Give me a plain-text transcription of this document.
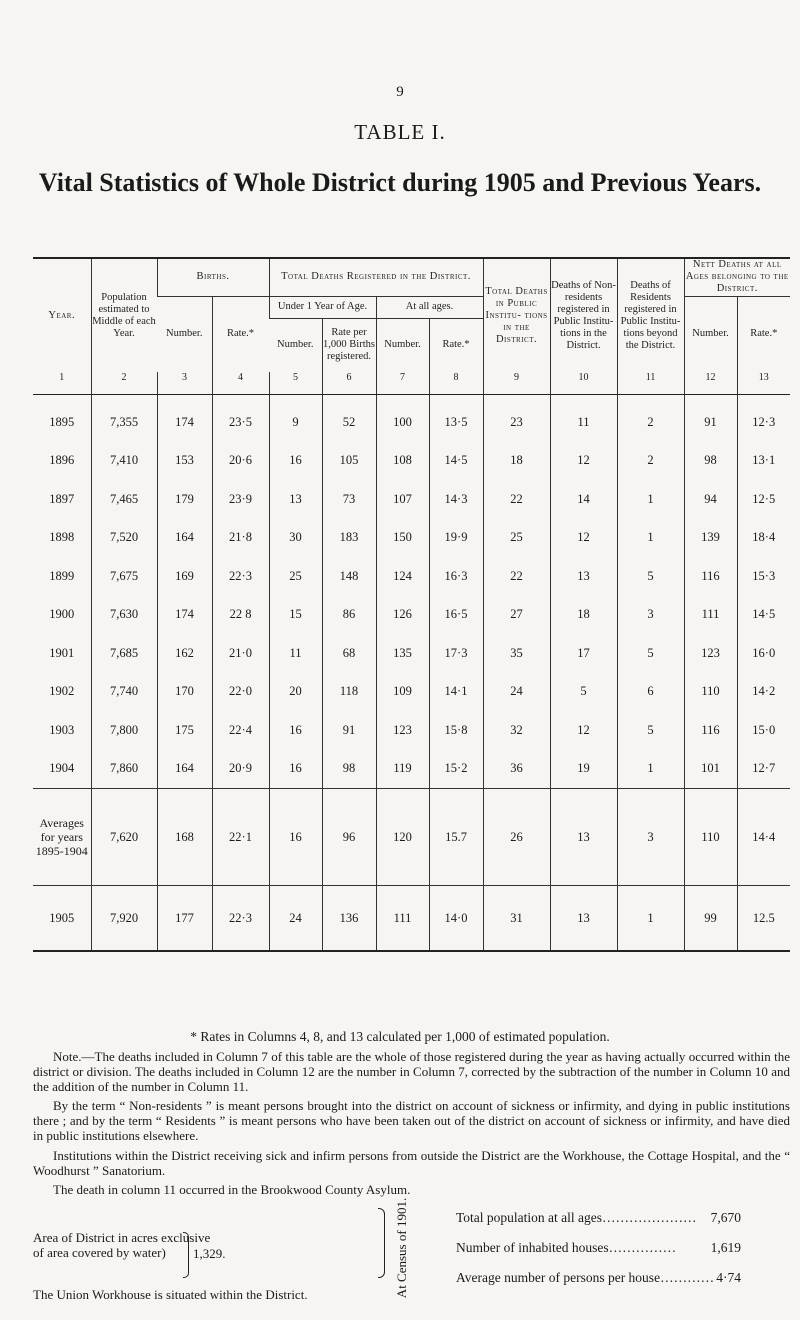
9
TABLE I.
Vital Statistics of Whole District during 1905 and Previous Years.
Year.	Population estimated to Middle of each Year.	Births.		Total Deaths Registered in the District.				Total Deaths in Public Institu- tions in the District.	Deaths of Non- residents registered in Public Institu- tions in the District.	Deaths of Residents registered in Public Institu- tions beyond the District.	Nett Deaths at all Ages belonging to the District.	
		Number.	Rate.*	Under 1 Year of Age.		At all ages.					Number.	Rate.*
				Number.	Rate per 1,000 Births registered.	Number.	Rate.*					
1	2	3	4	5	6	7	8	9	10	11	12	13

1895	7,355	174	23·5	9	52	100	13·5	23	11	2	91	12·3
1896	7,410	153	20·6	16	105	108	14·5	18	12	2	98	13·1
1897	7,465	179	23·9	13	73	107	14·3	22	14	1	94	12·5
1898	7,520	164	21·8	30	183	150	19·9	25	12	1	139	18·4
1899	7,675	169	22·3	25	148	124	16·3	22	13	5	116	15·3
1900	7,630	174	22 8	15	86	126	16·5	27	18	3	111	14·5
1901	7,685	162	21·0	11	68	135	17·3	35	17	5	123	16·0
1902	7,740	170	22·0	20	118	109	14·1	24	5	6	110	14·2
1903	7,800	175	22·4	16	91	123	15·8	32	12	5	116	15·0
1904	7,860	164	20·9	16	98	119	15·2	36	19	1	101	12·7
Averages for years 1895-1904	7,620	168	22·1	16	96	120	15.7	26	13	3	110	14·4
1905	7,920	177	22·3	24	136	111	14·0	31	13	1	99	12.5
* Rates in Columns 4, 8, and 13 calculated per 1,000 of estimated population.

Note.—The deaths included in Column 7 of this table are the whole of those registered during the year as having actually occurred within the district or division. The deaths included in Column 12 are the number in Column 7, corrected by the subtraction of the number in Column 10 and the addition of the number in Column 11.

By the term “ Non-residents ” is meant persons brought into the district on account of sickness or infirmity, and dying in public institutions there ; and by the term “ Residents ” is meant persons who have been taken out of the district on account of sickness or infirmity, and have died in public institutions elsewhere.

Institutions within the District receiving sick and infirm persons from outside the District are the Workhouse, the Cottage Hospital, and the “ Woodhurst ” Sanatorium.

The death in column 11 occurred in the Brookwood County Asylum.

Total population at all ages………………… 7,670
Number of inhabited houses……………	1,619
Average number of persons per house………… 4·74
At Census of 1901.
Area of District in acres exclusive of area covered by water)	1,329.
The Union Workhouse is situated within the District.
